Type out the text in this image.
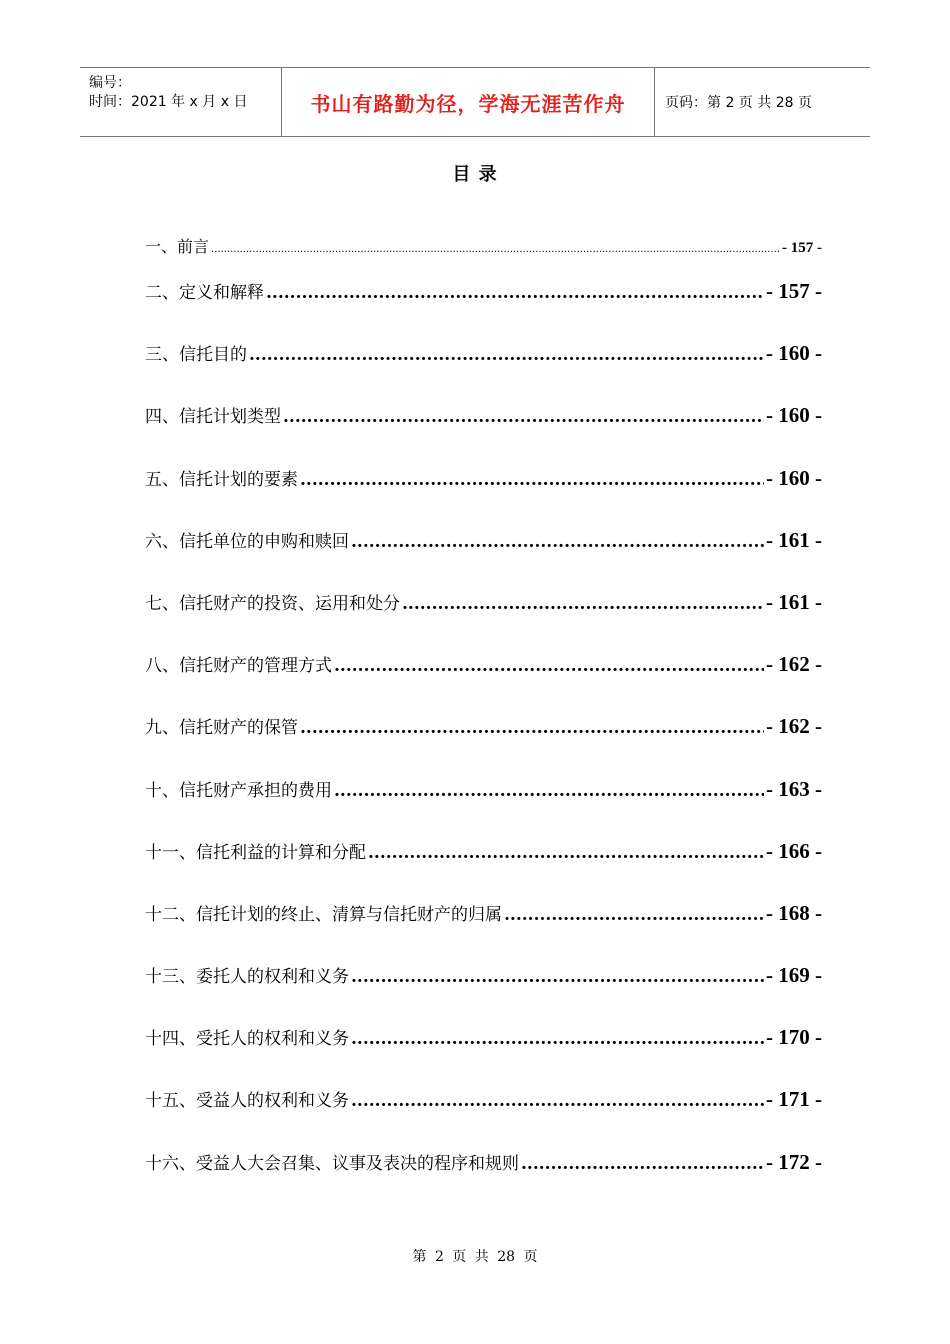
编号：
时间：2021 年 x 月 x 日	书山有路勤为径，学海无涯苦作舟	页码：第 2 页 共 28 页
目 录
一、前言 .....	- 157 -
二、定义和解释 .....	- 157 -
三、信托目的 .....	- 160 -
四、信托计划类型 .....	- 160 -
五、信托计划的要素 .....	- 160 -
六、信托单位的申购和赎回 .....	- 161 -
七、信托财产的投资、运用和处分 .....	- 161 -
八、信托财产的管理方式 .....	- 162 -
九、信托财产的保管 .....	- 162 -
十、信托财产承担的费用 .....	- 163 -
十一、信托利益的计算和分配 .....	- 166 -
十二、信托计划的终止、清算与信托财产的归属 .....	- 168 -
十三、委托人的权利和义务 .....	- 169 -
十四、受托人的权利和义务 .....	- 170 -
十五、受益人的权利和义务 .....	- 171 -
十六、受益人大会召集、议事及表决的程序和规则 .....	- 172 -
第 2 页 共 28 页
